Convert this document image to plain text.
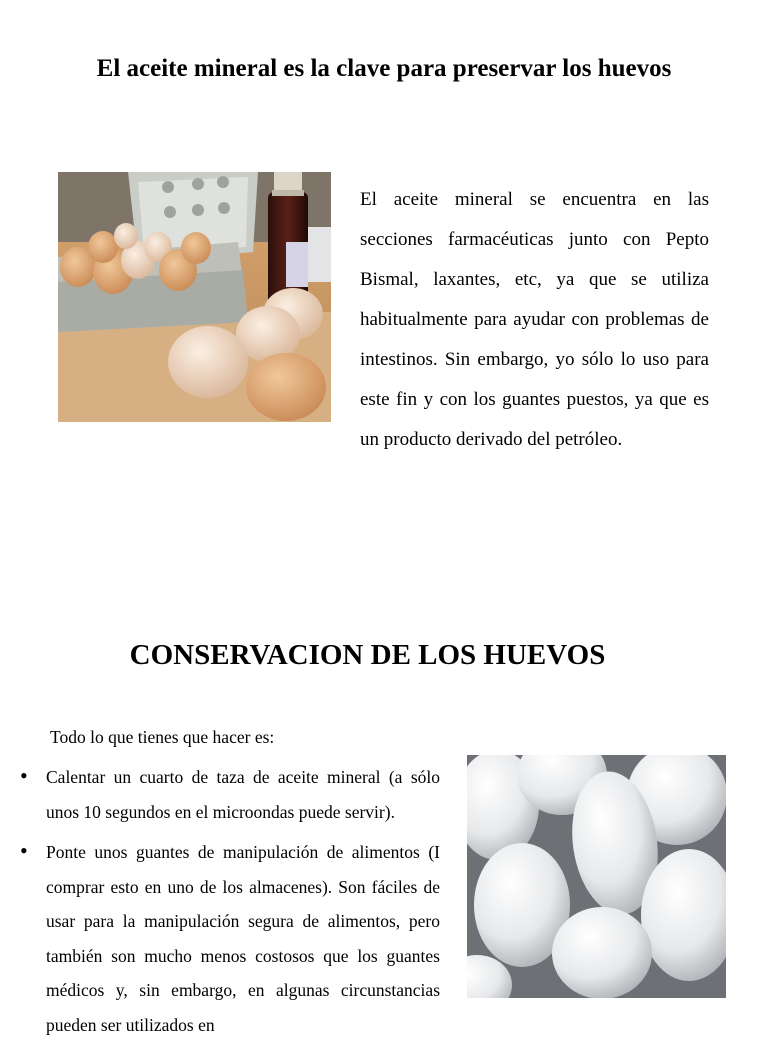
El aceite mineral es la clave para preservar los huevos
El aceite mineral se encuentra en las secciones farmacéuticas junto con Pepto Bismal, laxantes, etc, ya que se utiliza habitualmente para ayudar con problemas de intestinos. Sin embargo, yo sólo lo uso para este fin y con los guantes puestos, ya que es un producto derivado del petróleo.
CONSERVACION DE LOS HUEVOS
Todo lo que tienes que hacer es:
• Calentar un cuarto de taza de aceite mineral (a sólo unos 10 segundos en el microondas puede servir).
• Ponte unos guantes de manipulación de alimentos (I comprar esto en uno de los almacenes). Son fáciles de usar para la manipulación segura de alimentos, pero también son mucho menos costosos que los guantes médicos y, sin embargo, en algunas circunstancias pueden ser utilizados en
